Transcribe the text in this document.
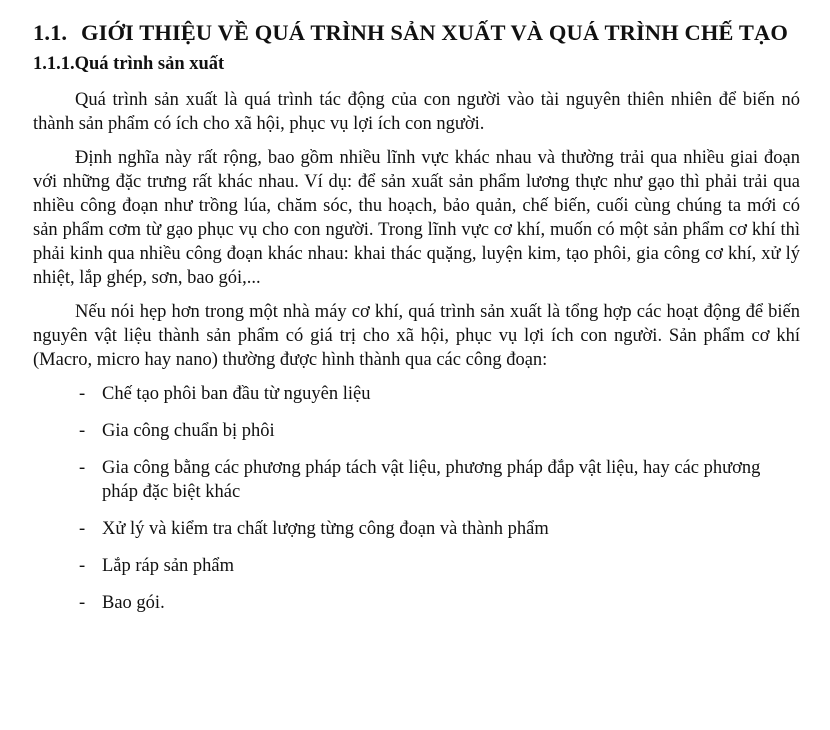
1.1. GIỚI THIỆU VỀ QUÁ TRÌNH SẢN XUẤT VÀ QUÁ TRÌNH CHẾ TẠO
1.1.1.Quá trình sản xuất

Quá trình sản xuất là quá trình tác động của con người vào tài nguyên thiên nhiên để biến nó thành sản phẩm có ích cho xã hội, phục vụ lợi ích con người.

Định nghĩa này rất rộng, bao gồm nhiều lĩnh vực khác nhau và thường trải qua nhiều giai đoạn với những đặc trưng rất khác nhau. Ví dụ: để sản xuất sản phẩm lương thực như gạo thì phải trải qua nhiều công đoạn như trồng lúa, chăm sóc, thu hoạch, bảo quản, chế biến, cuối cùng chúng ta mới có sản phẩm cơm từ gạo phục vụ cho con người. Trong lĩnh vực cơ khí, muốn có một sản phẩm cơ khí thì phải kinh qua nhiều công đoạn khác nhau: khai thác quặng, luyện kim, tạo phôi, gia công cơ khí, xử lý nhiệt, lắp ghép, sơn, bao gói,...

Nếu nói hẹp hơn trong một nhà máy cơ khí, quá trình sản xuất là tổng hợp các hoạt động để biến nguyên vật liệu thành sản phẩm có giá trị cho xã hội, phục vụ lợi ích con người. Sản phẩm cơ khí (Macro, micro hay nano) thường được hình thành qua các công đoạn:

- Chế tạo phôi ban đầu từ nguyên liệu
- Gia công chuẩn bị phôi
- Gia công bằng các phương pháp tách vật liệu, phương pháp đắp vật liệu, hay các phương pháp đặc biệt khác
- Xử lý và kiểm tra chất lượng từng công đoạn và thành phẩm
- Lắp ráp sản phẩm
- Bao gói.
